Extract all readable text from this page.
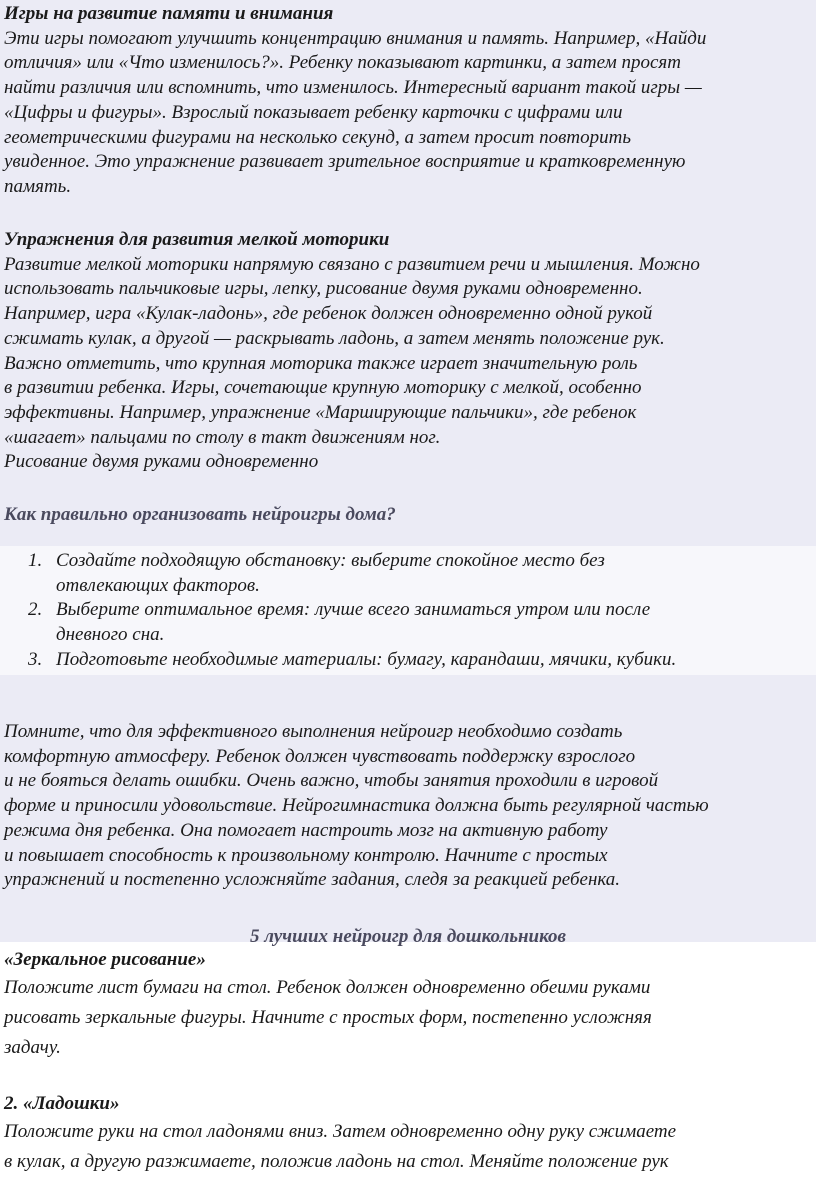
Игры на развитие памяти и внимания

Эти игры помогают улучшить концентрацию внимания и память. Например, «Найди

отличия» или «Что изменилось?». Ребенку показывают картинки, а затем просят

найти различия или вспомнить, что изменилось. Интересный вариант такой игры —

«Цифры и фигуры». Взрослый показывает ребенку карточки с цифрами или

геометрическими фигурами на несколько секунд, а затем просит повторить

увиденное. Это упражнение развивает зрительное восприятие и кратковременную

память.

Упражнения для развития мелкой моторики

Развитие мелкой моторики напрямую связано с развитием речи и мышления. Можно

использовать пальчиковые игры, лепку, рисование двумя руками одновременно.

Например, игра «Кулак-ладонь», где ребенок должен одновременно одной рукой

сжимать кулак, а другой — раскрывать ладонь, а затем менять положение рук.

Важно отметить, что крупная моторика также играет значительную роль

в развитии ребенка. Игры, сочетающие крупную моторику с мелкой, особенно

эффективны. Например, упражнение «Марширующие пальчики», где ребенок

«шагает» пальцами по столу в такт движениям ног.

Рисование двумя руками одновременно

Как правильно организовать нейроигры дома?

1. Создайте подходящую обстановку: выберите спокойное место без
отвлекающих факторов.
2. Выберите оптимальное время: лучше всего заниматься утром или после
дневного сна.
3. Подготовьте необходимые материалы: бумагу, карандаши, мячики, кубики.

Помните, что для эффективного выполнения нейроигр необходимо создать

комфортную атмосферу. Ребенок должен чувствовать поддержку взрослого

и не бояться делать ошибки. Очень важно, чтобы занятия проходили в игровой

форме и приносили удовольствие. Нейрогимнастика должна быть регулярной частью

режима дня ребенка. Она помогает настроить мозг на активную работу

и повышает способность к произвольному контролю. Начните с простых

упражнений и постепенно усложняйте задания, следя за реакцией ребенка.

5 лучших нейроигр для дошкольников

«Зеркальное рисование»

Положите лист бумаги на стол. Ребенок должен одновременно обеими руками

рисовать зеркальные фигуры. Начните с простых форм, постепенно усложняя

задачу.

2. «Ладошки»

Положите руки на стол ладонями вниз. Затем одновременно одну руку сжимаете

в кулак, а другую разжимаете, положив ладонь на стол. Меняйте положение рук
